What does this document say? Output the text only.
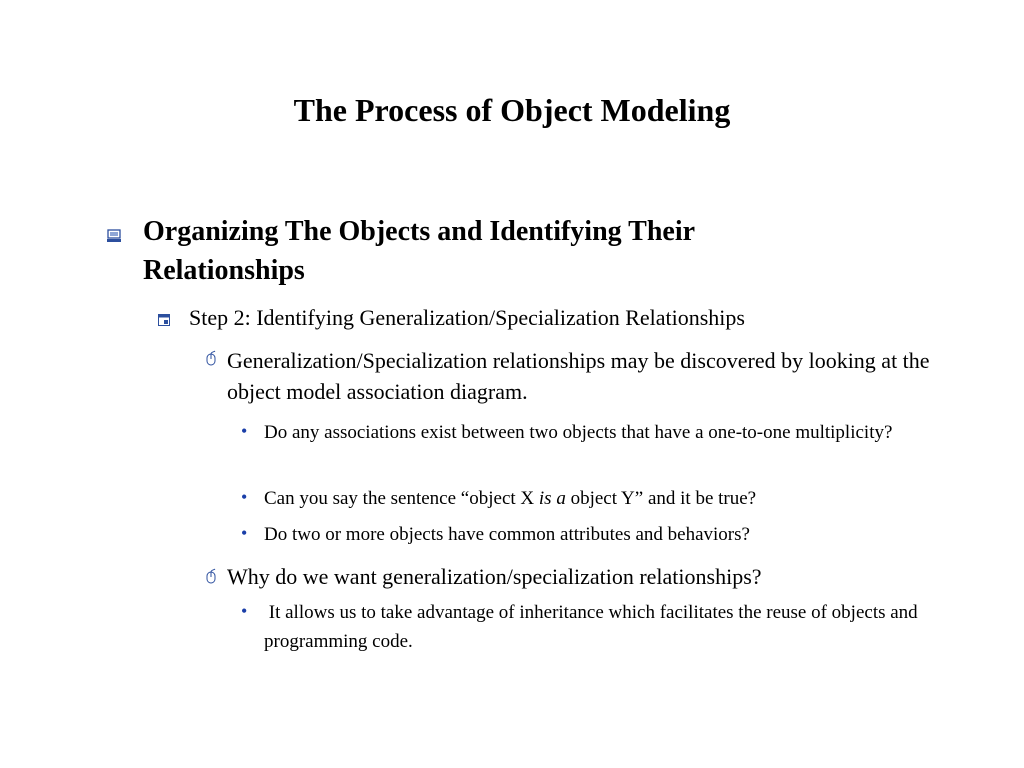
The Process of Object Modeling
Organizing The Objects and Identifying Their Relationships
Step 2: Identifying Generalization/Specialization Relationships
Generalization/Specialization relationships may be discovered by looking at the object model association diagram.
• Do any associations exist between two objects that have a one-to-one multiplicity?
• Can you say the sentence “object X is a object Y” and it be true?
• Do two or more objects have common attributes and behaviors?
Why do we want generalization/specialization relationships?
• It allows us to take advantage of inheritance which facilitates the reuse of objects and programming code.
